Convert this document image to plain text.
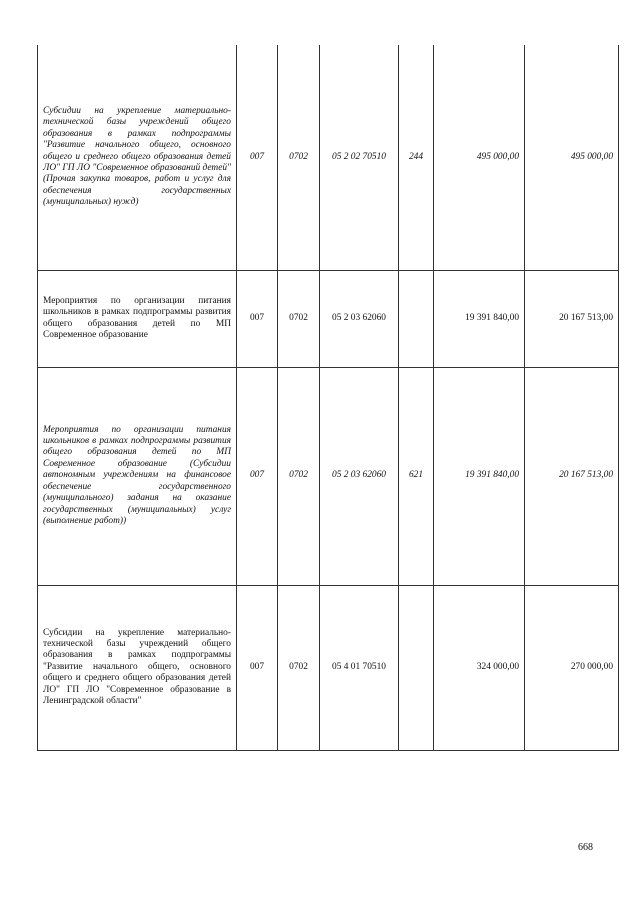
Субсидии на укрепление материально-технической базы учреждений общего образования в рамках подпрограммы "Развитие начального общего, основного общего и среднего общего образования детей ЛО" ГП ЛО "Современное образований детей" (Прочая закупка товаров, работ и услуг для обеспечения государственных (муниципальных) нужд)	007	0702	05 2 02 70510	244	495 000,00	495 000,00
Мероприятия по организации питания школьников в рамках подпрограммы развития общего образования детей по МП Современное образование	007	0702	05 2 03 62060		19 391 840,00	20 167 513,00
Мероприятия по организации питания школьников в рамках подпрограммы развития общего образования детей по МП Современное образование (Субсидии автономным учреждениям на финансовое обеспечение государственного (муниципального) задания на оказание государственных (муниципальных) услуг (выполнение работ))	007	0702	05 2 03 62060	621	19 391 840,00	20 167 513,00
Субсидии на укрепление материально-технической базы учреждений общего образования в рамках подпрограммы "Развитие начального общего, основного общего и среднего общего образования детей ЛО" ГП ЛО "Современное образование в Ленинградской области"	007	0702	05 4 01 70510		324 000,00	270 000,00
668
